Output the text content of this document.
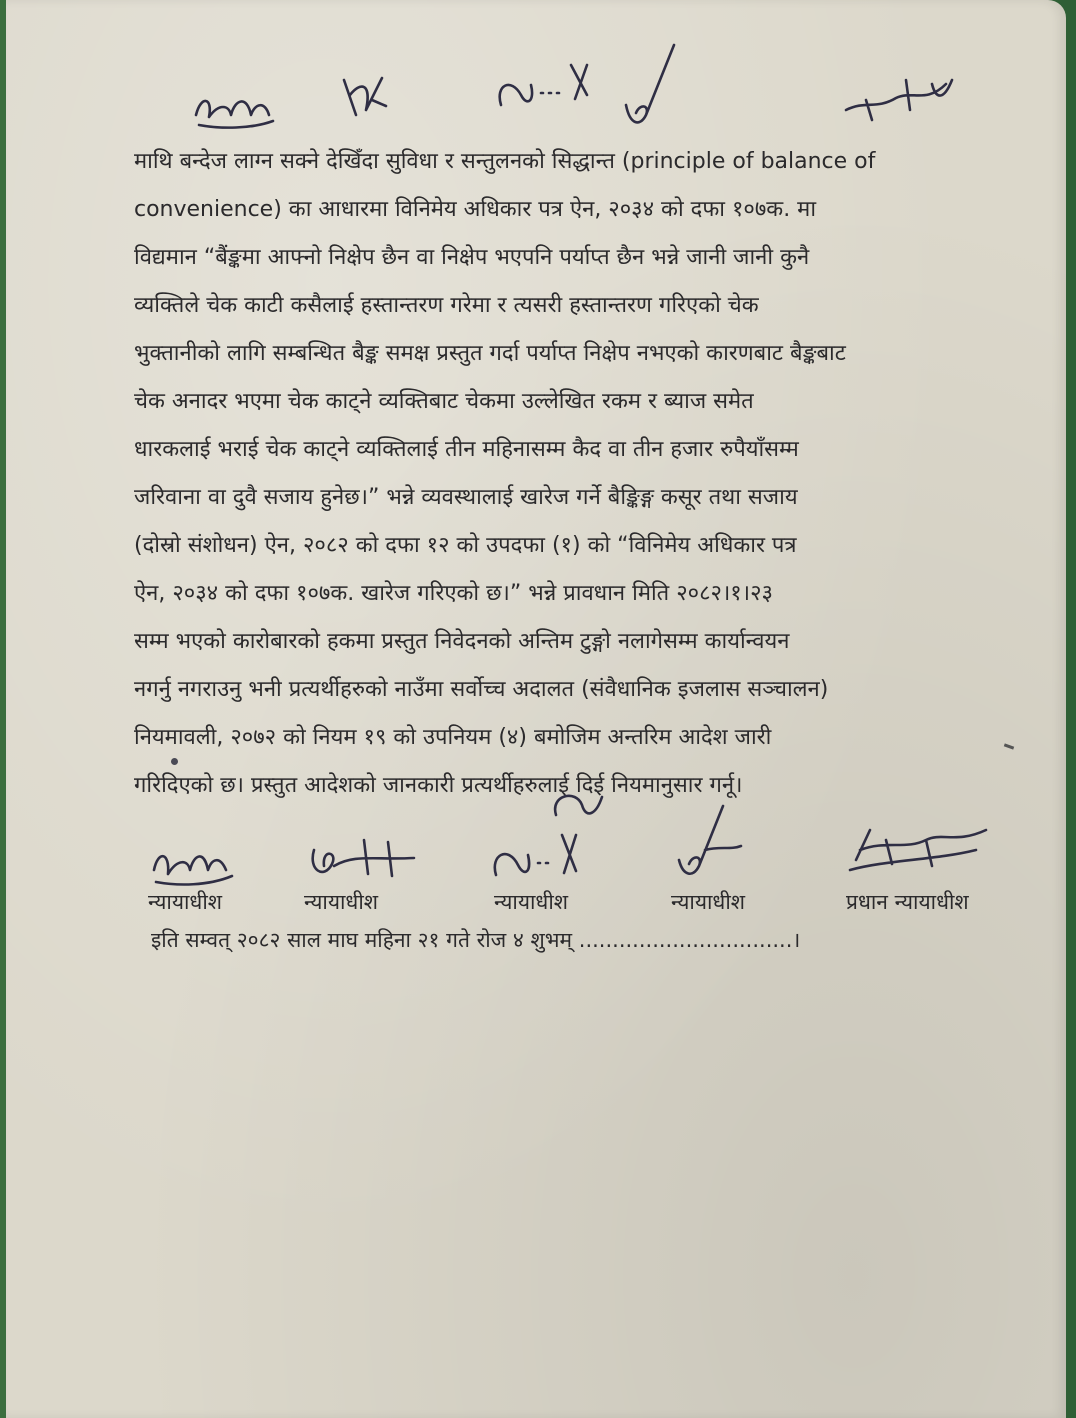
माथि बन्देज लाग्न सक्ने देखिँदा सुविधा र सन्तुलनको सिद्धान्त (principle of balance of
convenience) का आधारमा विनिमेय अधिकार पत्र ऐन, २०३४ को दफा १०७क. मा
विद्यमान “बैंङ्कमा आफ्नो निक्षेप छैन वा निक्षेप भएपनि पर्याप्त छैन भन्ने जानी जानी कुनै
व्यक्तिले चेक काटी कसैलाई हस्तान्तरण गरेमा र त्यसरी हस्तान्तरण गरिएको चेक
भुक्तानीको लागि सम्बन्धित बैङ्क समक्ष प्रस्तुत गर्दा पर्याप्त निक्षेप नभएको कारणबाट बैङ्कबाट
चेक अनादर भएमा चेक काट्ने व्यक्तिबाट चेकमा उल्लेखित रकम र ब्याज समेत
धारकलाई भराई चेक काट्ने व्यक्तिलाई तीन महिनासम्म कैद वा तीन हजार रुपैयाँसम्म
जरिवाना वा दुवै सजाय हुनेछ।” भन्ने व्यवस्थालाई खारेज गर्ने बैङ्किङ्ग कसूर तथा सजाय
(दोस्रो संशोधन) ऐन, २०८२ को दफा १२ को उपदफा (१) को “विनिमेय अधिकार पत्र
ऐन, २०३४ को दफा १०७क. खारेज गरिएको छ।” भन्ने प्रावधान मिति २०८२।१।२३
सम्म भएको कारोबारको हकमा प्रस्तुत निवेदनको अन्तिम टुङ्गो नलागेसम्म कार्यान्वयन
नगर्नु नगराउनु भनी प्रत्यर्थीहरुको नाउँमा सर्वोच्च अदालत (संवैधानिक इजलास सञ्चालन)
नियमावली, २०७२ को नियम १९ को उपनियम (४) बमोजिम अन्तरिम आदेश जारी
गरिदिएको छ। प्रस्तुत आदेशको जानकारी प्रत्यर्थीहरुलाई दिई नियमानुसार गर्नू।
न्यायाधीश	न्यायाधीश	न्यायाधीश	न्यायाधीश	प्रधान न्यायाधीश
इति सम्वत् २०८२ साल माघ महिना २१ गते रोज ४ शुभम् ................................।
